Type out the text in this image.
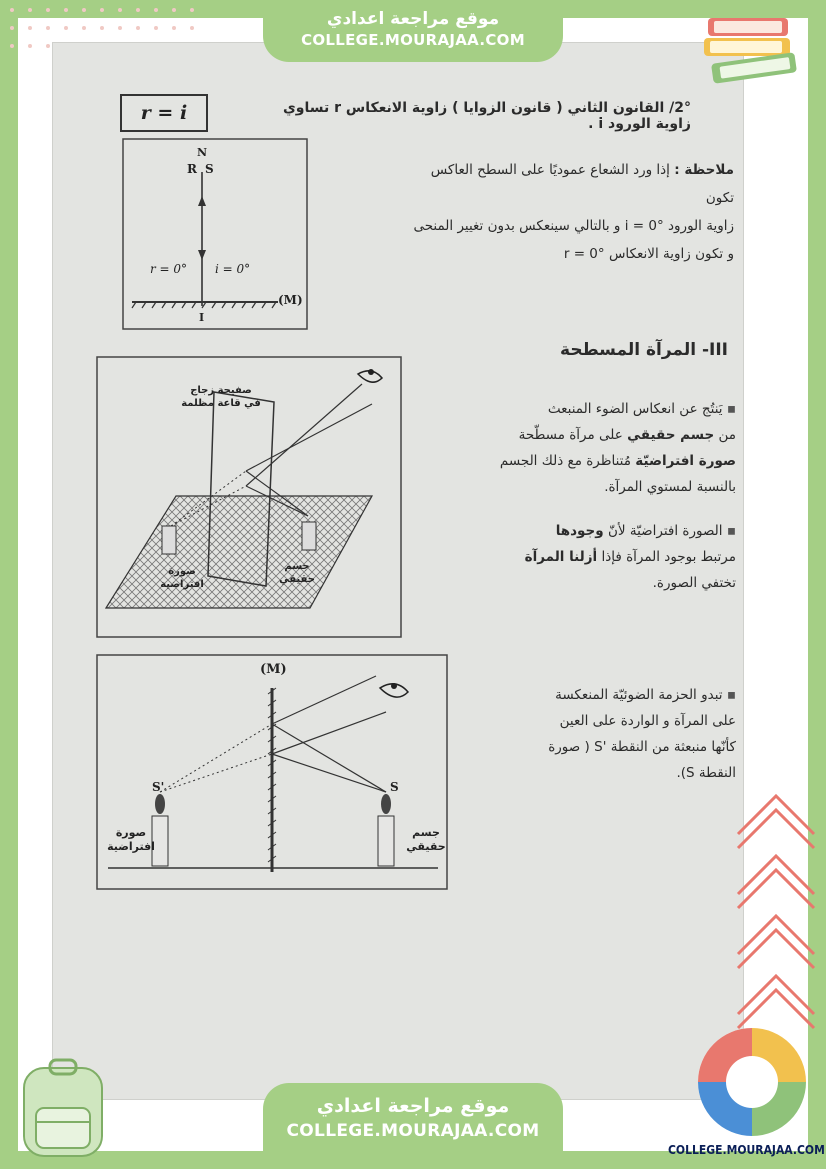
موقع مراجعة اعدادي
COLLEGE.MOURAJAA.COM
2°/ القانون الثاني ( قانون الزوايا ) زاوية الانعكاس r تساوي زاوية الورود i .
r = i
ملاحظة : إذا ورد الشعاع عموديًا على السطح العاكس تكون
زاوية الورود i = 0° و بالتالي سينعكس بدون تغيير المنحى
و تكون زاوية الانعكاس r = 0°
N
R S
r = 0° i = 0°
(M)
I
III- المرآة المسطحة
▪ يَنتُج عن انعكاس الضوء المنبعث
من جسم حقيقي على مرآة مسطّحة
صورة افتراضيّة مُتناظرة مع ذلك الجسم
بالنسبة لمستوي المرآة.
▪ الصورة افتراضيّة لأنّ وجودها
مرتبط بوجود المرآة فإذا أزلنا المرآة
تختفي الصورة.
صفيحة زجاج
في قاعة مظلمة
صورة افتراضية
جسم حقيقي
▪ تبدو الحزمة الضوئيّة المنعكسة
على المرآة و الواردة على العين
كأنّها منبعثة من النقطة 'S ( صورة
النقطة S).
(M)
S'	S
صورة
افتراضية
جسم
حقيقي
موقع مراجعة اعدادي
COLLEGE.MOURAJAA.COM
COLLEGE.MOURAJAA.COM
